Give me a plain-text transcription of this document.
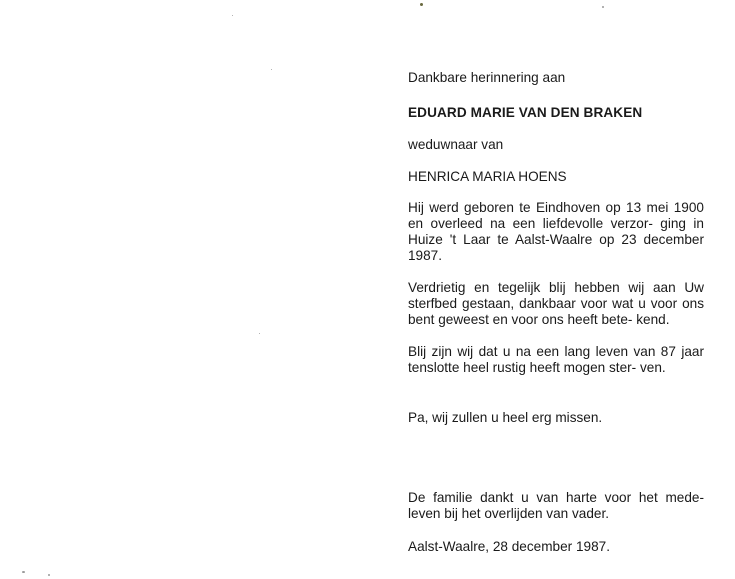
Dankbare herinnering aan
EDUARD MARIE VAN DEN BRAKEN
weduwnaar van
HENRICA MARIA HOENS

Hij werd geboren te Eindhoven op 13 mei 1900 en overleed na een liefdevolle verzor- ging in Huize 't Laar te Aalst-Waalre op 23 december 1987.

Verdrietig en tegelijk blij hebben wij aan Uw sterfbed gestaan, dankbaar voor wat u voor ons bent geweest en voor ons heeft bete- kend.

Blij zijn wij dat u na een lang leven van 87 jaar tenslotte heel rustig heeft mogen ster- ven.

Pa, wij zullen u heel erg missen.

De familie dankt u van harte voor het mede- leven bij het overlijden van vader.

Aalst-Waalre, 28 december 1987.
